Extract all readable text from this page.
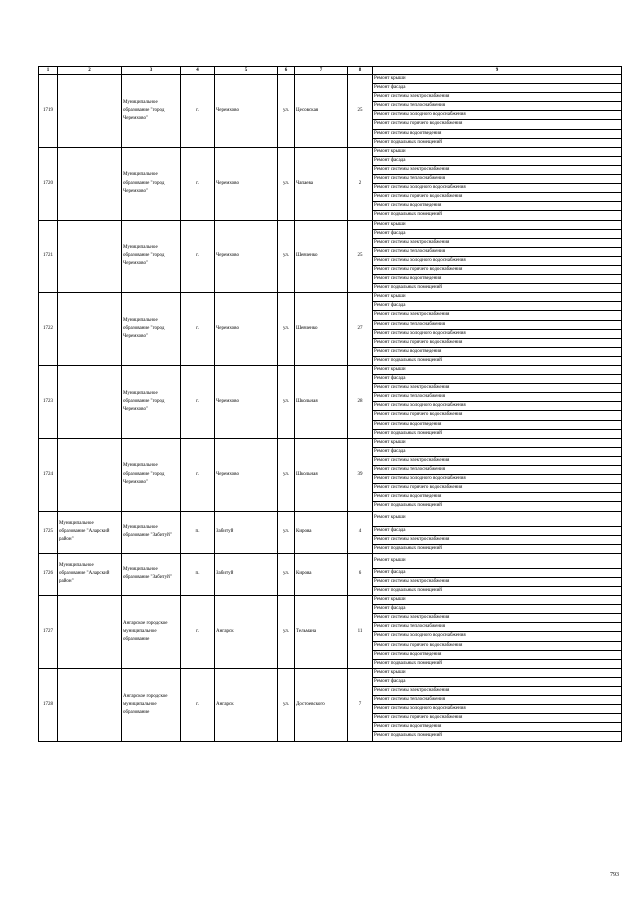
1	2	3	4	5	6	7	8	9
1719		Муниципальное образование "город Черемхово"	г.	Черемхово	ул.	Цесовская	25	Ремонт крыши
								Ремонт фасада
								Ремонт системы электроснабжения
								Ремонт системы теплоснабжения
								Ремонт системы холодного водоснабжения
								Ремонт системы горячего водоснабжения
								Ремонт системы водоотведения
								Ремонт подвальных помещений
1720		Муниципальное образование "город Черемхово"	г.	Черемхово	ул.	Чапаева	2	Ремонт крыши
								Ремонт фасада
								Ремонт системы электроснабжения
								Ремонт системы теплоснабжения
								Ремонт системы холодного водоснабжения
								Ремонт системы горячего водоснабжения
								Ремонт системы водоотведения
								Ремонт подвальных помещений
1721		Муниципальное образование "город Черемхово"	г.	Черемхово	ул.	Шевченко	25	Ремонт крыши
								Ремонт фасада
								Ремонт системы электроснабжения
								Ремонт системы теплоснабжения
								Ремонт системы холодного водоснабжения
								Ремонт системы горячего водоснабжения
								Ремонт системы водоотведения
								Ремонт подвальных помещений
1722		Муниципальное образование "город Черемхово"	г.	Черемхово	ул.	Шевченко	27	Ремонт крыши
								Ремонт фасада
								Ремонт системы электроснабжения
								Ремонт системы теплоснабжения
								Ремонт системы холодного водоснабжения
								Ремонт системы горячего водоснабжения
								Ремонт системы водоотведения
								Ремонт подвальных помещений
1723		Муниципальное образование "город Черемхово"	г.	Черемхово	ул.	Школьная	28	Ремонт крыши
								Ремонт фасада
								Ремонт системы электроснабжения
								Ремонт системы теплоснабжения
								Ремонт системы холодного водоснабжения
								Ремонт системы горячего водоснабжения
								Ремонт системы водоотведения
								Ремонт подвальных помещений
1724		Муниципальное образование "город Черемхово"	г.	Черемхово	ул.	Школьная	39	Ремонт крыши
								Ремонт фасада
								Ремонт системы электроснабжения
								Ремонт системы теплоснабжения
								Ремонт системы холодного водоснабжения
								Ремонт системы горячего водоснабжения
								Ремонт системы водоотведения
								Ремонт подвальных помещений
1725	Муниципальное образование "Аларский район"	Муниципальное образование "Забитуй"	п.	Забитуй	ул.	Кирова	4	Ремонт крыши
								Ремонт фасада
								Ремонт системы электроснабжения
								Ремонт подвальных помещений
1726	Муниципальное образование "Аларский район"	Муниципальное образование "Забитуй"	п.	Забитуй	ул.	Кирова	6	Ремонт крыши
								Ремонт фасада
								Ремонт системы электроснабжения
								Ремонт подвальных помещений
1727		Ангарское городское муниципальное образование	г.	Ангарск	ул.	Тельмана	11	Ремонт крыши
								Ремонт фасада
								Ремонт системы электроснабжения
								Ремонт системы теплоснабжения
								Ремонт системы холодного водоснабжения
								Ремонт системы горячего водоснабжения
								Ремонт системы водоотведения
								Ремонт подвальных помещений
1728		Ангарское городское муниципальное образование	г.	Ангарск	ул.	Достоевского	7	Ремонт крыши
								Ремонт фасада
								Ремонт системы электроснабжения
								Ремонт системы теплоснабжения
								Ремонт системы холодного водоснабжения
								Ремонт системы горячего водоснабжения
								Ремонт системы водоотведения
								Ремонт подвальных помещений
793
